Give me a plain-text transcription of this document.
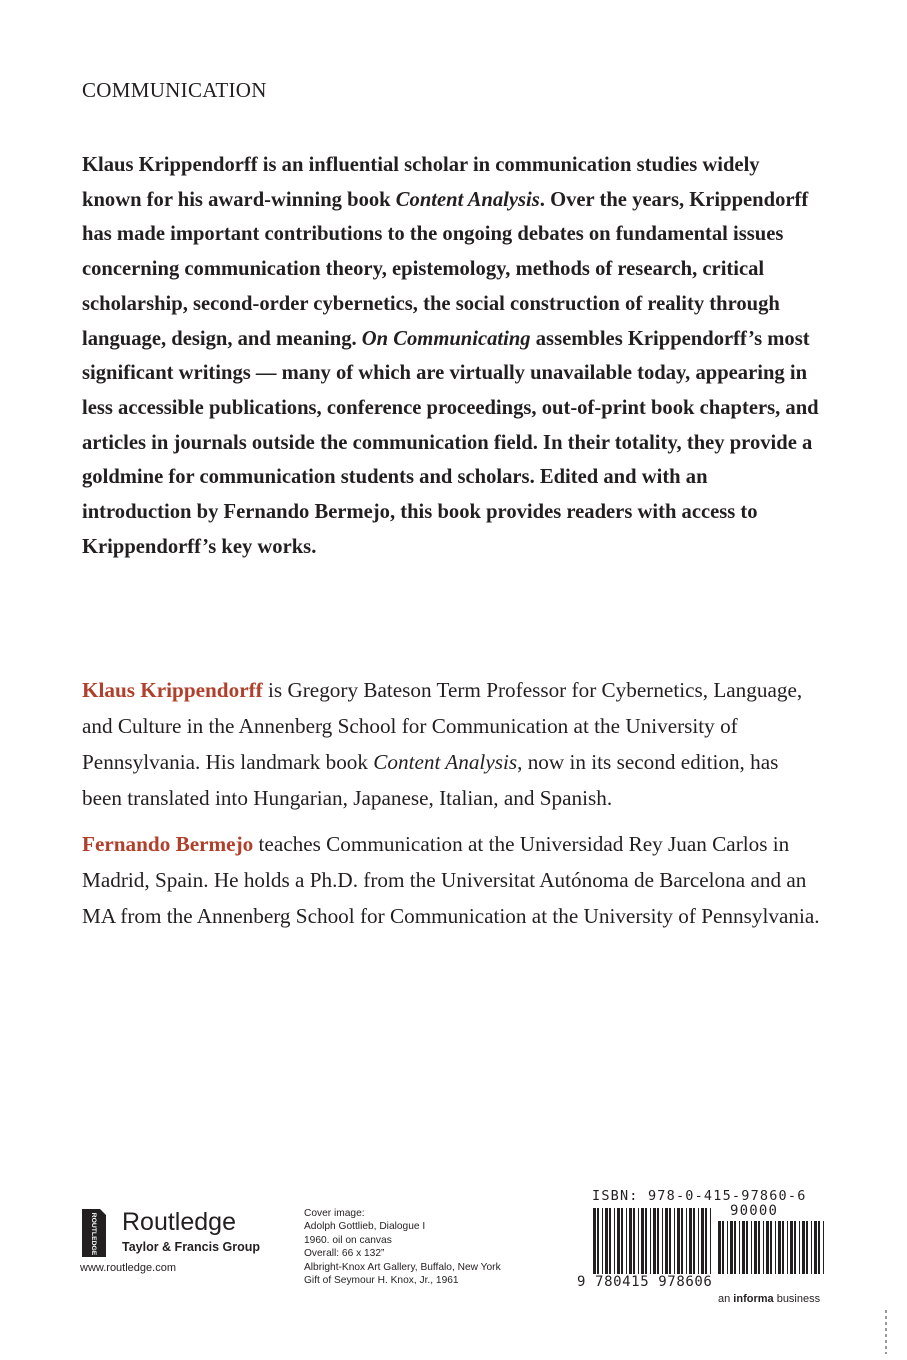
COMMUNICATION

Klaus Krippendorff is an influential scholar in communication studies widely known for his award-winning book Content Analysis. Over the years, Krippendorff has made important contributions to the ongoing debates on fundamental issues concerning communication theory, epistemology, methods of research, critical scholarship, second-order cybernetics, the social construction of reality through language, design, and meaning. On Communicating assembles Krippendorff’s most significant writings — many of which are virtually unavailable today, appearing in less accessible publications, conference proceedings, out-of-print book chapters, and articles in journals outside the communication field. In their totality, they provide a goldmine for communication students and scholars. Edited and with an introduction by Fernando Bermejo, this book provides readers with access to Krippendorff’s key works.

Klaus Krippendorff is Gregory Bateson Term Professor for Cybernetics, Language, and Culture in the Annenberg School for Communication at the University of Pennsylvania. His landmark book Content Analysis, now in its second edition, has been translated into Hungarian, Japanese, Italian, and Spanish.

Fernando Bermejo teaches Communication at the Universidad Rey Juan Carlos in Madrid, Spain. He holds a Ph.D. from the Universitat Autónoma de Barcelona and an MA from the Annenberg School for Communication at the University of Pennsylvania.

ROUTLEDGE Routledge
Taylor & Francis Group
www.routledge.com
Cover image:
Adolph Gottlieb, Dialogue I
1960. oil on canvas
Overall: 66 x 132”
Albright-Knox Art Gallery, Buffalo, New York
Gift of Seymour H. Knox, Jr., 1961
ISBN: 978-0-415-97860-6
90000
9 780415 978606
an informa business
